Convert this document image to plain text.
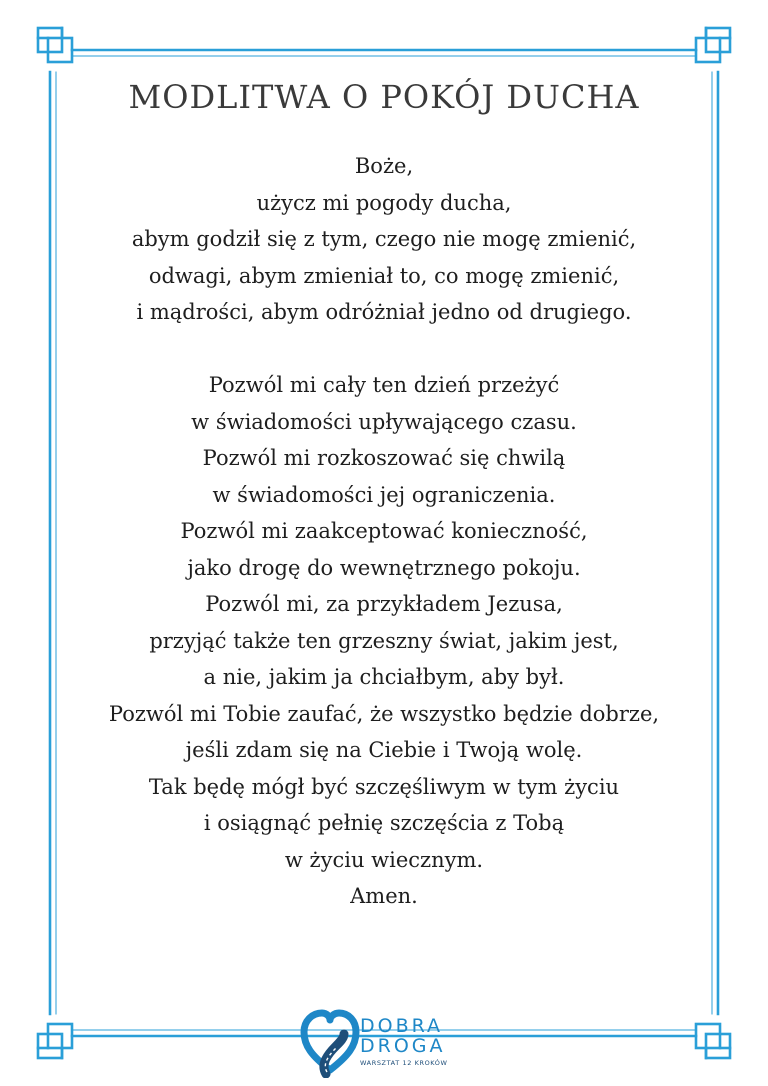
MODLITWA O POKÓJ DUCHA
Boże,
użycz mi pogody ducha,
abym godził się z tym, czego nie mogę zmienić,
odwagi, abym zmieniał to, co mogę zmienić,
i mądrości, abym odróżniał jedno od drugiego.
Pozwól mi cały ten dzień przeżyć
w świadomości upływającego czasu.
Pozwól mi rozkoszować się chwilą
w świadomości jej ograniczenia.
Pozwól mi zaakceptować konieczność,
jako drogę do wewnętrznego pokoju.
Pozwól mi, za przykładem Jezusa,
przyjąć także ten grzeszny świat, jakim jest,
a nie, jakim ja chciałbym, aby był.
Pozwól mi Tobie zaufać, że wszystko będzie dobrze,
jeśli zdam się na Ciebie i Twoją wolę.
Tak będę mógł być szczęśliwym w tym życiu
i osiągnąć pełnię szczęścia z Tobą
w życiu wiecznym.
Amen.
DOBRA
DROGA
WARSZTAT 12 KROKÓW
